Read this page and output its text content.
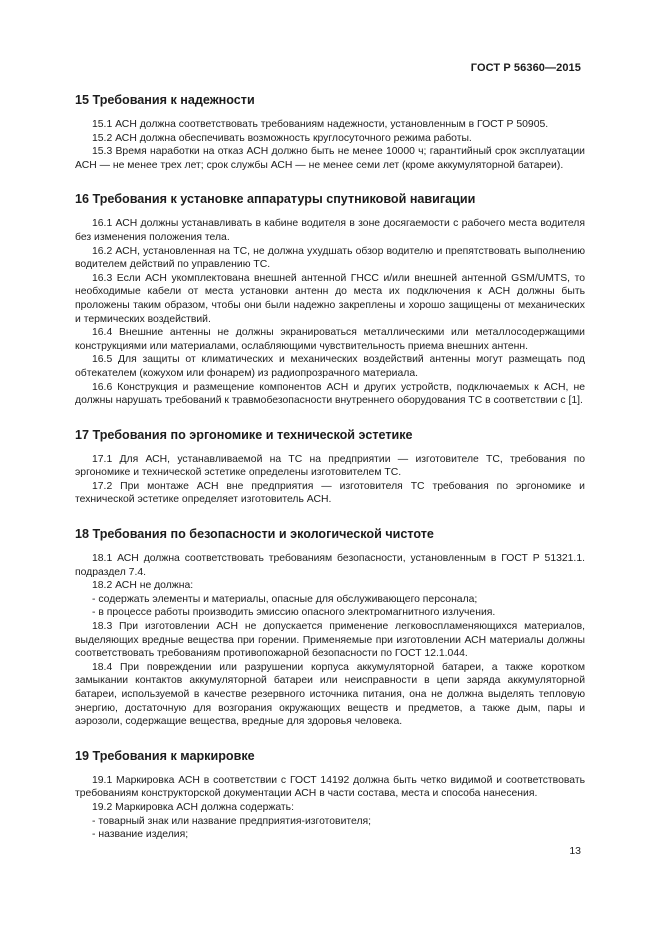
ГОСТ Р 56360—2015
15 Требования к надежности

15.1 АСН должна соответствовать требованиям надежности, установленным в ГОСТ Р 50905.

15.2 АСН должна обеспечивать возможность круглосуточного режима работы.

15.3 Время наработки на отказ АСН должно быть не менее 10000 ч; гарантийный срок эксплуатации АСН — не менее трех лет; срок службы АСН — не менее семи лет (кроме аккумуляторной батареи).

16 Требования к установке аппаратуры спутниковой навигации

16.1 АСН должны устанавливать в кабине водителя в зоне досягаемости с рабочего места водителя без изменения положения тела.

16.2 АСН, установленная на ТС, не должна ухудшать обзор водителю и препятствовать выполнению водителем действий по управлению ТС.

16.3 Если АСН укомплектована внешней антенной ГНСС и/или внешней антенной GSM/UMTS, то необходимые кабели от места установки антенн до места их подключения к АСН должны быть проложены таким образом, чтобы они были надежно закреплены и хорошо защищены от механических и термических воздействий.

16.4 Внешние антенны не должны экранироваться металлическими или металлосодержащими конструкциями или материалами, ослабляющими чувствительность приема внешних антенн.

16.5 Для защиты от климатических и механических воздействий антенны могут размещать под обтекателем (кожухом или фонарем) из радиопрозрачного материала.

16.6 Конструкция и размещение компонентов АСН и других устройств, подключаемых к АСН, не должны нарушать требований к травмобезопасности внутреннего оборудования ТС в соответствии с [1].

17 Требования по эргономике и технической эстетике

17.1 Для АСН, устанавливаемой на ТС на предприятии — изготовителе ТС, требования по эргономике и технической эстетике определены изготовителем ТС.

17.2 При монтаже АСН вне предприятия — изготовителя ТС требования по эргономике и технической эстетике определяет изготовитель АСН.

18 Требования по безопасности и экологической чистоте

18.1 АСН должна соответствовать требованиям безопасности, установленным в ГОСТ Р 51321.1. подраздел 7.4.

18.2 АСН не должна:

- содержать элементы и материалы, опасные для обслуживающего персонала;

- в процессе работы производить эмиссию опасного электромагнитного излучения.

18.3 При изготовлении АСН не допускается применение легковоспламеняющихся материалов, выделяющих вредные вещества при горении. Применяемые при изготовлении АСН материалы должны соответствовать требованиям противопожарной безопасности по ГОСТ 12.1.044.

18.4 При повреждении или разрушении корпуса аккумуляторной батареи, а также коротком замыкании контактов аккумуляторной батареи или неисправности в цепи заряда аккумуляторной батареи, используемой в качестве резервного источника питания, она не должна выделять тепловую энергию, достаточную для возгорания окружающих веществ и предметов, а также дым, пары и аэрозоли, содержащие вещества, вредные для здоровья человека.

19 Требования к маркировке

19.1 Маркировка АСН в соответствии с ГОСТ 14192 должна быть четко видимой и соответствовать требованиям конструкторской документации АСН в части состава, места и способа нанесения.

19.2 Маркировка АСН должна содержать:

- товарный знак или название предприятия-изготовителя;

- название изделия;

13
